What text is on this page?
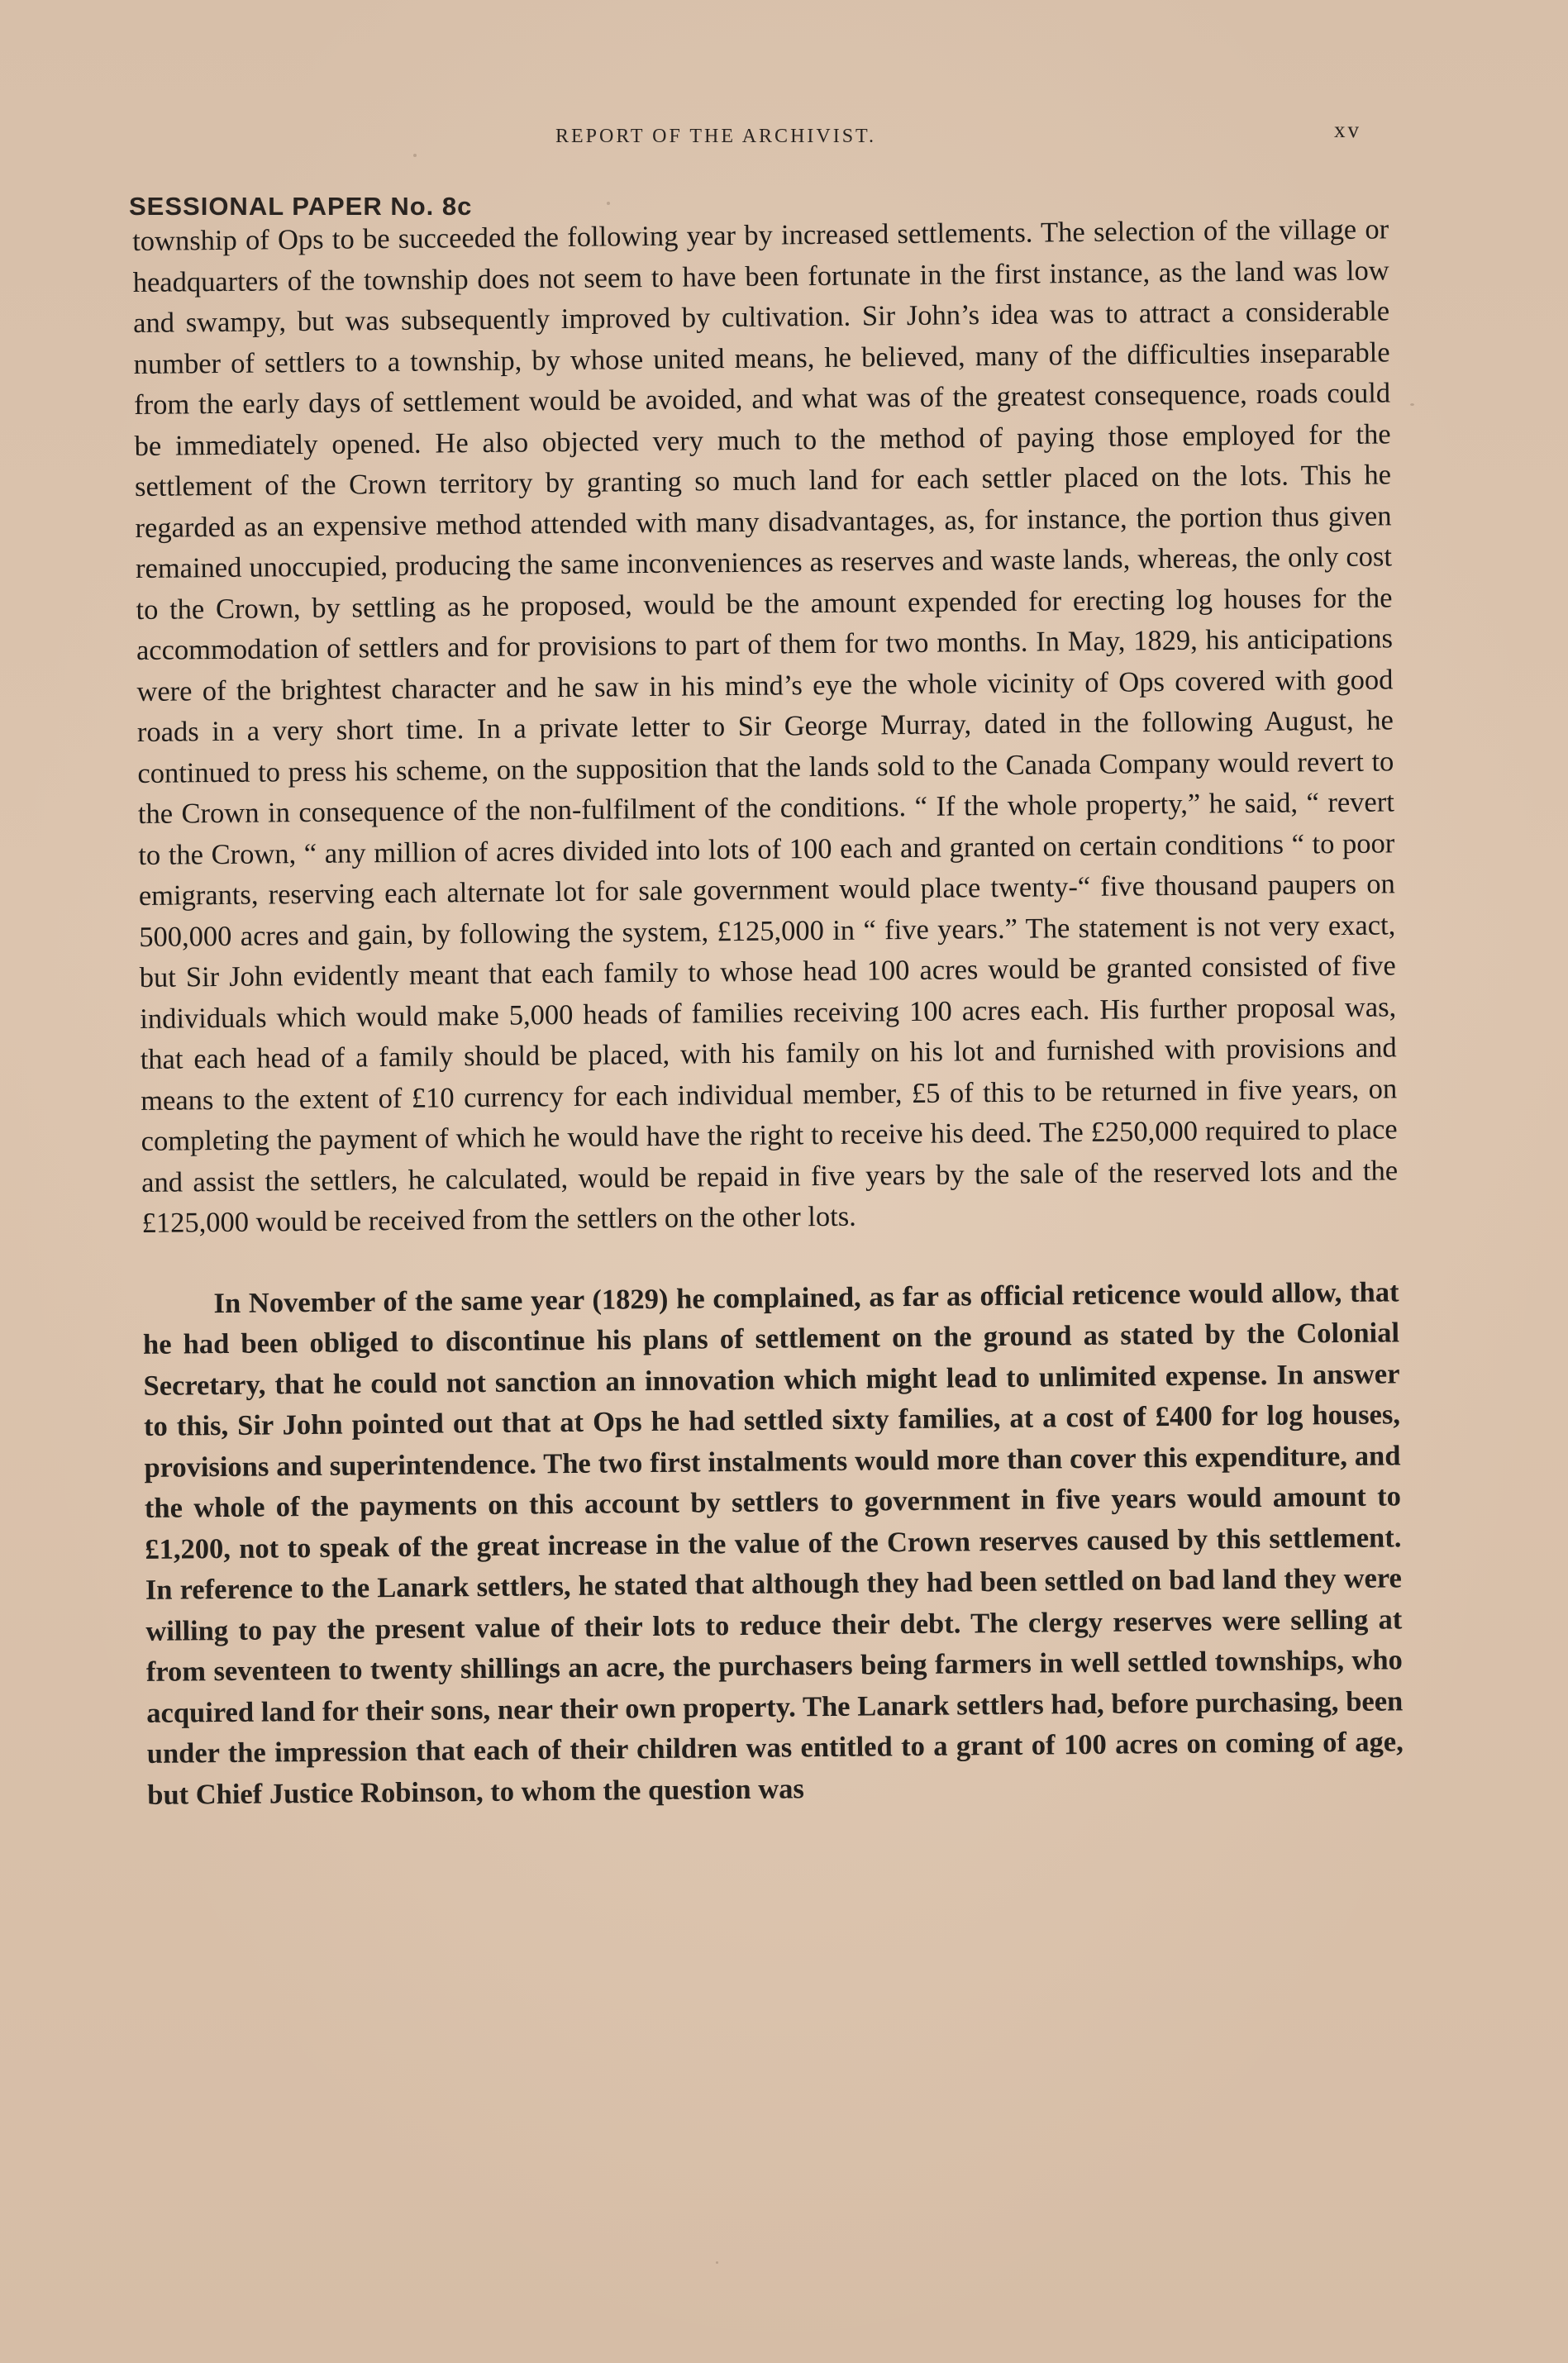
REPORT OF THE ARCHIVIST.	xv
SESSIONAL PAPER No. 8c

township of Ops to be succeeded the following year by increased settlements. The selection of the village or headquarters of the township does not seem to have been fortunate in the first instance, as the land was low and swampy, but was subsequently improved by cultivation. Sir John’s idea was to attract a considerable number of settlers to a township, by whose united means, he believed, many of the difficulties inseparable from the early days of settlement would be avoided, and what was of the greatest consequence, roads could be immediately opened. He also objected very much to the method of paying those employed for the settlement of the Crown territory by granting so much land for each settler placed on the lots. This he regarded as an expensive method attended with many disadvantages, as, for instance, the portion thus given remained unoccupied, producing the same inconveniences as reserves and waste lands, whereas, the only cost to the Crown, by settling as he proposed, would be the amount expended for erecting log houses for the accommodation of settlers and for provisions to part of them for two months. In May, 1829, his anticipations were of the brightest character and he saw in his mind’s eye the whole vicinity of Ops covered with good roads in a very short time. In a private letter to Sir George Murray, dated in the following August, he continued to press his scheme, on the supposition that the lands sold to the Canada Company would revert to the Crown in consequence of the non-fulfilment of the conditions. “ If the whole property,” he said, “ revert to the Crown, “ any million of acres divided into lots of 100 each and granted on certain conditions “ to poor emigrants, reserving each alternate lot for sale government would place twenty-“ five thousand paupers on 500,000 acres and gain, by following the system, £125,000 in “ five years.” The statement is not very exact, but Sir John evidently meant that each family to whose head 100 acres would be granted consisted of five individuals which would make 5,000 heads of families receiving 100 acres each. His further proposal was, that each head of a family should be placed, with his family on his lot and furnished with provisions and means to the extent of £10 currency for each individual member, £5 of this to be returned in five years, on completing the payment of which he would have the right to receive his deed. The £250,000 required to place and assist the settlers, he calculated, would be repaid in five years by the sale of the reserved lots and the £125,000 would be received from the settlers on the other lots.

In November of the same year (1829) he complained, as far as official reticence would allow, that he had been obliged to discontinue his plans of settlement on the ground as stated by the Colonial Secretary, that he could not sanction an innovation which might lead to unlimited expense. In answer to this, Sir John pointed out that at Ops he had settled sixty families, at a cost of £400 for log houses, provisions and superintendence. The two first instalments would more than cover this expenditure, and the whole of the payments on this account by settlers to government in five years would amount to £1,200, not to speak of the great increase in the value of the Crown reserves caused by this settlement. In reference to the Lanark settlers, he stated that although they had been settled on bad land they were willing to pay the present value of their lots to reduce their debt. The clergy reserves were selling at from seventeen to twenty shillings an acre, the purchasers being farmers in well settled townships, who acquired land for their sons, near their own property. The Lanark settlers had, before purchasing, been under the impression that each of their children was entitled to a grant of 100 acres on coming of age, but Chief Justice Robinson, to whom the question was
